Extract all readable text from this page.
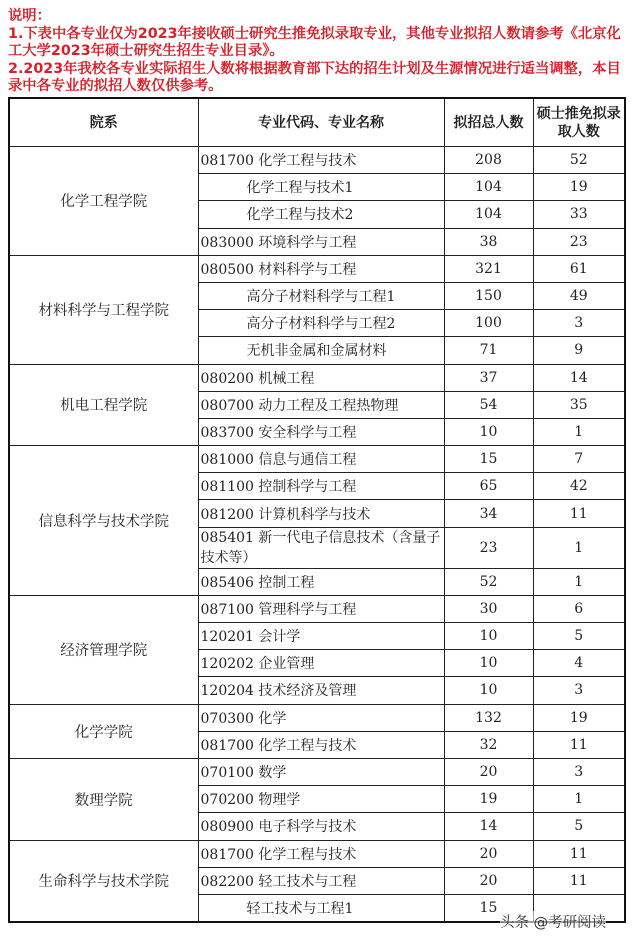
说明：
1.下表中各专业仅为2023年接收硕士研究生推免拟录取专业，其他专业拟招人数请参考《北京化工大学2023年硕士研究生招生专业目录》。
2.2023年我校各专业实际招生人数将根据教育部下达的招生计划及生源情况进行适当调整，本目录中各专业的拟招人数仅供参考。
院系	专业代码、专业名称	拟招总人数	硕士推免拟录取人数
化学工程学院	081700 化学工程与技术	208	52
	化学工程与技术1	104	19
	化学工程与技术2	104	33
	083000 环境科学与工程	38	23
材料科学与工程学院	080500 材料科学与工程	321	61
	高分子材料科学与工程1	150	49
	高分子材料科学与工程2	100	3
	无机非金属和金属材料	71	9
机电工程学院	080200 机械工程	37	14
	080700 动力工程及工程热物理	54	35
	083700 安全科学与工程	10	1
信息科学与技术学院	081000 信息与通信工程	15	7
	081100 控制科学与工程	65	42
	081200 计算机科学与技术	34	11
	085401 新一代电子信息技术（含量子技术等）	23	1
	085406 控制工程	52	1
经济管理学院	087100 管理科学与工程	30	6
	120201 会计学	10	5
	120202 企业管理	10	4
	120204 技术经济及管理	10	3
化学学院	070300 化学	132	19
	081700 化学工程与技术	32	11
数理学院	070100 数学	20	3
	070200 物理学	19	1
	080900 电子科学与技术	14	5
生命科学与技术学院	081700 化学工程与技术	20	11
	082200 轻工技术与工程	20	11
	轻工技术与工程1	15	
头条 @考研阅读
